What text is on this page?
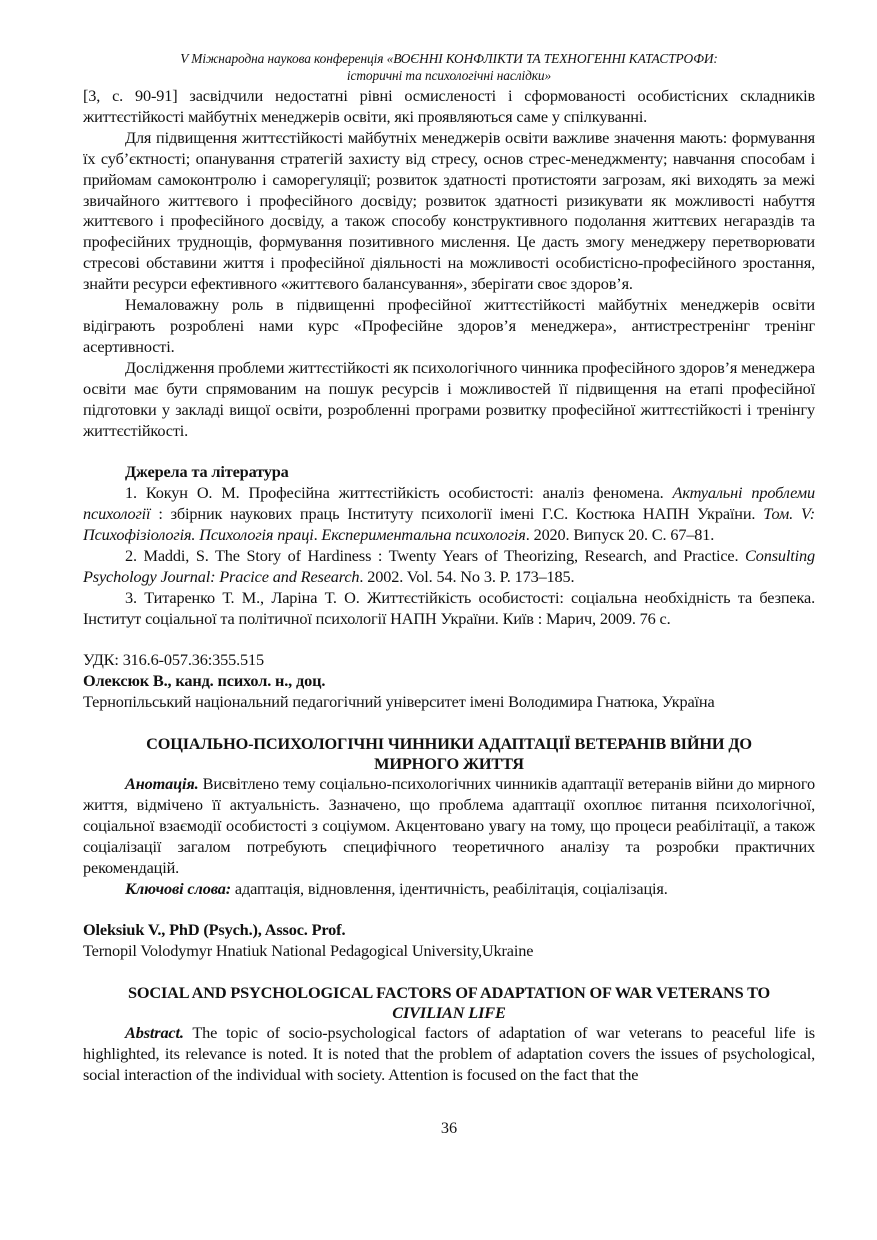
V Міжнародна наукова конференція «ВОЄННІ КОНФЛІКТИ ТА ТЕХНОГЕННІ КАТАСТРОФИ:
історичні та психологічні наслідки»

[3, с. 90-91] засвідчили недостатні рівні осмисленості і сформованості особистісних складників життєстійкості майбутніх менеджерів освіти, які проявляються саме у спілкуванні.

Для підвищення життєстійкості майбутніх менеджерів освіти важливе значення мають: формування їх суб’єктності; опанування стратегій захисту від стресу, основ стрес-менеджменту; навчання способам і прийомам самоконтролю і саморегуляції; розвиток здатності протистояти загрозам, які виходять за межі звичайного життєвого і професійного досвіду; розвиток здатності ризикувати як можливості набуття життєвого і професійного досвіду, а також способу конструктивного подолання життєвих негараздів та професійних труднощів, формування позитивного мислення. Це дасть змогу менеджеру перетворювати стресові обставини життя і професійної діяльності на можливості особистісно-професійного зростання, знайти ресурси ефективного «життєвого балансування», зберігати своє здоров’я.

Немаловажну роль в підвищенні професійної життєстійкості майбутніх менеджерів освіти відіграють розроблені нами курс «Професійне здоров’я менеджера», антистрестренінг тренінг асертивності.

Дослідження проблеми життєстійкості як психологічного чинника професійного здоров’я менеджера освіти має бути спрямованим на пошук ресурсів і можливостей її підвищення на етапі професійної підготовки у закладі вищої освіти, розробленні програми розвитку професійної життєстійкості і тренінгу життєстійкості.

Джерела та література

1. Кокун О. М. Професійна життєстійкість особистості: аналіз феномена. Актуальні проблеми психології : збірник наукових праць Інституту психології імені Г.С. Костюка НАПН України. Том. V: Психофізіологія. Психологія праці. Експериментальна психологія. 2020. Випуск 20. С. 67–81.

2. Maddi, S. The Story of Hardiness : Twenty Years of Theorizing, Research, and Practice. Consulting Psychology Journal: Pracice and Research. 2002. Vol. 54. No 3. P. 173–185.

3. Титаренко Т. М., Ларіна Т. О. Життєстійкість особистості: соціальна необхідність та безпека. Інститут соціальної та політичної психології НАПН України. Київ : Марич, 2009. 76 с.

УДК: 316.6-057.36:355.515

Олексюк В., канд. психол. н., доц.

Тернопільський національний педагогічний університет імені Володимира Гнатюка, Україна

СОЦІАЛЬНО-ПСИХОЛОГІЧНІ ЧИННИКИ АДАПТАЦІЇ ВЕТЕРАНІВ ВІЙНИ ДО
МИРНОГО ЖИТТЯ

Анотація. Висвітлено тему соціально-психологічних чинників адаптації ветеранів війни до мирного життя, відмічено її актуальність. Зазначено, що проблема адаптації охоплює питання психологічної, соціальної взаємодії особистості з соціумом. Акцентовано увагу на тому, що процеси реабілітації, а також соціалізації загалом потребують специфічного теоретичного аналізу та розробки практичних рекомендацій.

Ключові слова: адаптація, відновлення, ідентичність, реабілітація, соціалізація.

Oleksiuk V., PhD (Psych.), Assoc. Prof.

Ternopil Volodymyr Hnatiuk National Pedagogical University,Ukraine

SOCIAL AND PSYCHOLOGICAL FACTORS OF ADAPTATION OF WAR VETERANS TO
CIVILIAN LIFE

Abstract. The topic of socio-psychological factors of adaptation of war veterans to peaceful life is highlighted, its relevance is noted. It is noted that the problem of adaptation covers the issues of psychological, social interaction of the individual with society. Attention is focused on the fact that the

36
